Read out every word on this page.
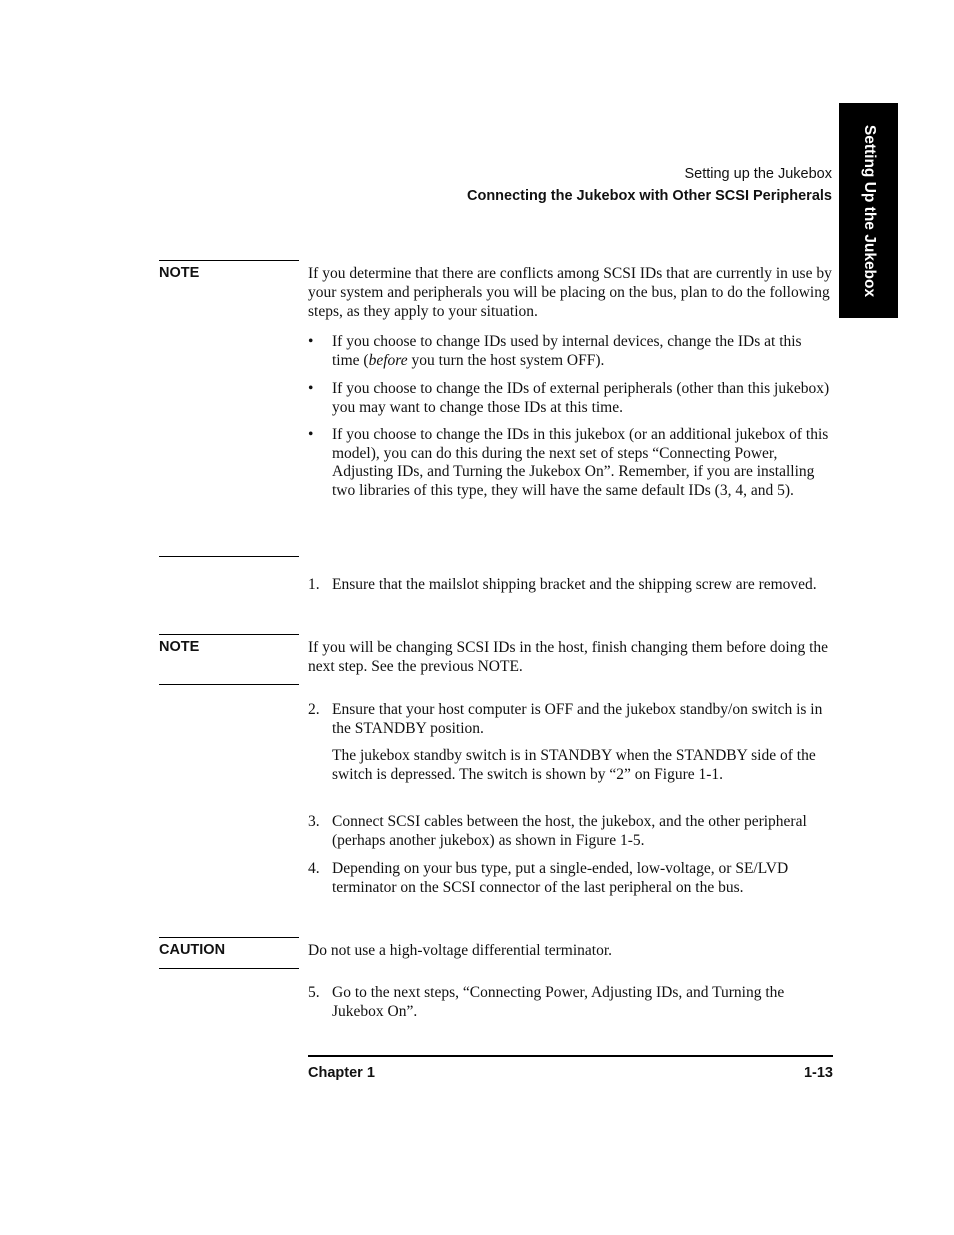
Setting Up the Jukebox
Setting up the Jukebox
Connecting the Jukebox with Other SCSI Peripherals
NOTE	If you determine that there are conflicts among SCSI IDs that are currently in use by your system and peripherals you will be placing on the bus, plan to do the following steps, as they apply to your situation.
• If you choose to change IDs used by internal devices, change the IDs at this time (before you turn the host system OFF).
• If you choose to change the IDs of external peripherals (other than this jukebox) you may want to change those IDs at this time.
• If you choose to change the IDs in this jukebox (or an additional jukebox of this model), you can do this during the next set of steps “Connecting Power, Adjusting IDs, and Turning the Jukebox On”. Remember, if you are installing two libraries of this type, they will have the same default IDs (3, 4, and 5).
1. Ensure that the mailslot shipping bracket and the shipping screw are removed.
NOTE	If you will be changing SCSI IDs in the host, finish changing them before doing the next step. See the previous NOTE.
2. Ensure that your host computer is OFF and the jukebox standby/on switch is in the STANDBY position.
The jukebox standby switch is in STANDBY when the STANDBY side of the switch is depressed. The switch is shown by “2” on Figure 1-1.
3. Connect SCSI cables between the host, the jukebox, and the other peripheral (perhaps another jukebox) as shown in Figure 1-5.
4. Depending on your bus type, put a single-ended, low-voltage, or SE/LVD terminator on the SCSI connector of the last peripheral on the bus.
CAUTION	Do not use a high-voltage differential terminator.
5. Go to the next steps, “Connecting Power, Adjusting IDs, and Turning the Jukebox On”.
Chapter 1	1-13
